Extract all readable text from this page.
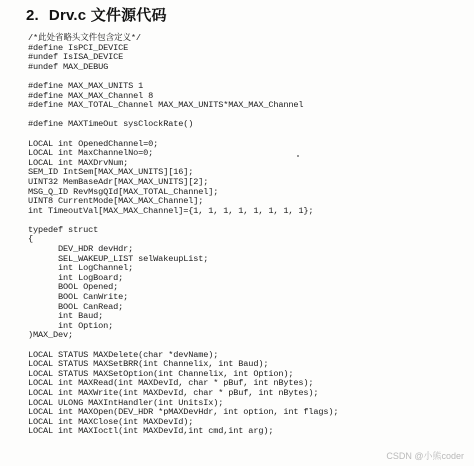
2. Drv.c 文件源代码
/*此处省略头文件包含定义*/
#define IsPCI_DEVICE
#undef IsISA_DEVICE
#undef MAX_DEBUG
#define MAX_MAX_UNITS 1
#define MAX_MAX_Channel 8
#define MAX_TOTAL_Channel MAX_MAX_UNITS*MAX_MAX_Channel
#define MAXTimeOut sysClockRate()
LOCAL int OpenedChannel=0;
LOCAL int MaxChannelNo=0;
LOCAL int MAXDrvNum;
SEM_ID IntSem[MAX_MAX_UNITS][16];
UINT32 MemBaseAdr[MAX_MAX_UNITS][2];
MSG_Q_ID RevMsgQId[MAX_TOTAL_Channel];
UINT8 CurrentMode[MAX_MAX_Channel];
int TimeoutVal[MAX_MAX_Channel]={1, 1, 1, 1, 1, 1, 1, 1};
typedef struct
{
DEV_HDR devHdr;
SEL_WAKEUP_LIST selWakeupList;
int LogChannel;
int LogBoard;
BOOL Opened;
BOOL CanWrite;
BOOL CanRead;
int Baud;
int Option;
)MAX_Dev;
LOCAL STATUS MAXDelete(char *devName);
LOCAL STATUS MAXSetBRR(int Channelix, int Baud);
LOCAL STATUS MAXSetOption(int Channelix, int Option);
LOCAL int MAXRead(int MAXDevId, char * pBuf, int nBytes);
LOCAL int MAXWrite(int MAXDevId, char * pBuf, int nBytes);
LOCAL ULONG MAXIntHandler(int UnitsIx);
LOCAL int MAXOpen(DEV_HDR *pMAXDevHdr, int option, int flags);
LOCAL int MAXClose(int MAXDevId);
LOCAL int MAXIoctl(int MAXDevId,int cmd,int arg);
CSDN @小熊coder
